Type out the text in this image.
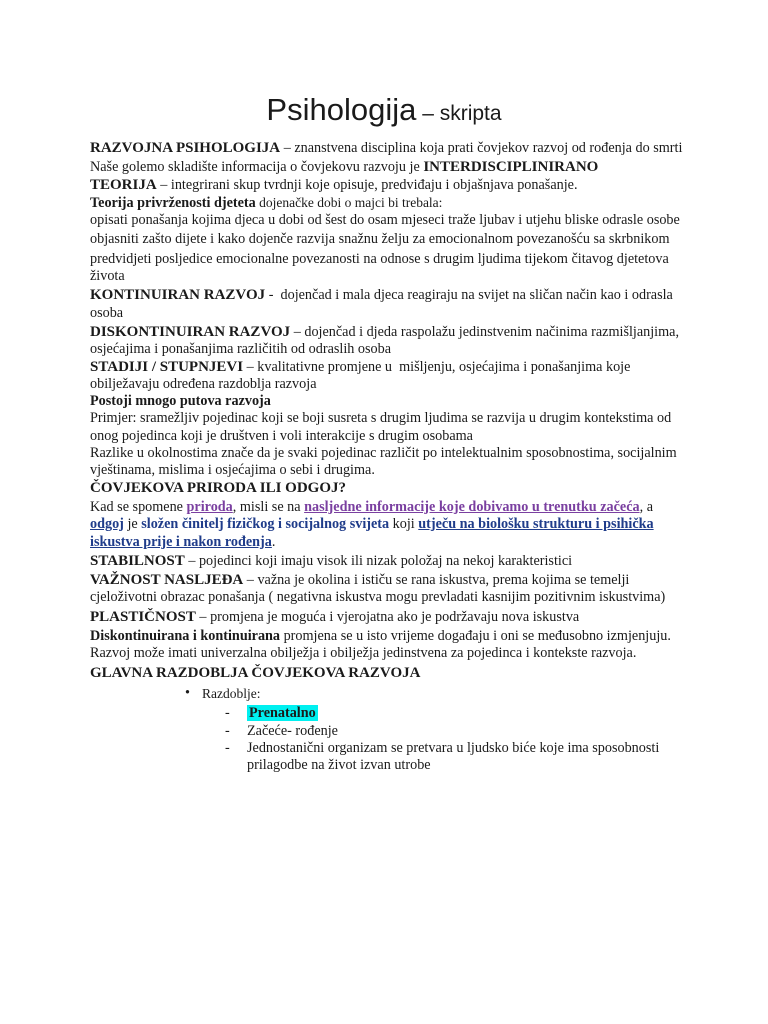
Psihologija – skripta

RAZVOJNA PSIHOLOGIJA – znanstvena disciplina koja prati čovjekov razvoj od rođenja do smrti

Naše golemo skladište informacija o čovjekovu razvoju je INTERDISCIPLINIRANO

TEORIJA – integrirani skup tvrdnji koje opisuje, predviđaju i objašnjava ponašanje.

Teorija privrženosti djeteta dojenačke dobi o majci bi trebala:

opisati ponašanja kojima djeca u dobi od šest do osam mjeseci traže ljubav i utjehu bliske odrasle osobe

objasniti zašto dijete i kako dojenče razvija snažnu želju za emocionalnom povezanošću sa skrbnikom

predvidjeti posljedice emocionalne povezanosti na odnose s drugim ljudima tijekom čitavog djetetova života

KONTINUIRAN RAZVOJ -  dojenčad i mala djeca reagiraju na svijet na sličan način kao i odrasla osoba

DISKONTINUIRAN RAZVOJ – dojenčad i djeda raspolažu jedinstvenim načinima razmišljanjima, osjećajima i ponašanjima različitih od odraslih osoba

STADIJI / STUPNJEVI – kvalitativne promjene u  mišljenju, osjećajima i ponašanjima koje obilježavaju određena razdoblja razvoja

Postoji mnogo putova razvoja

Primjer: sramežljiv pojedinac koji se boji susreta s drugim ljudima se razvija u drugim kontekstima od onog pojedinca koji je društven i voli interakcije s drugim osobama

Razlike u okolnostima znače da je svaki pojedinac različit po intelektualnim sposobnostima, socijalnim vještinama, mislima i osjećajima o sebi i drugima.

ČOVJEKOVA PRIRODA ILI ODGOJ?

Kad se spomene priroda, misli se na nasljedne informacije koje dobivamo u trenutku začeća, a odgoj je složen činitelj fizičkog i socijalnog svijeta koji utječu na biološku strukturu i psihička iskustva prije i nakon rođenja.

STABILNOST – pojedinci koji imaju visok ili nizak položaj na nekoj karakteristici

VAŽNOST NASLJEĐA – važna je okolina i ističu se rana iskustva, prema kojima se temelji cjeloživotni obrazac ponašanja ( negativna iskustva mogu prevladati kasnijim pozitivnim iskustvima)

PLASTIČNOST – promjena je moguća i vjerojatna ako je podržavaju nova iskustva

Diskontinuirana i kontinuirana promjena se u isto vrijeme događaju i oni se međusobno izmjenjuju. Razvoj može imati univerzalna obilježja i obilježja jedinstvena za pojedinca i kontekste razvoja.

GLAVNA RAZDOBLJA ČOVJEKOVA RAZVOJA

• Razdoblje:
- Prenatalno
- Začeće- rođenje
- Jednostanični organizam se pretvara u ljudsko biće koje ima sposobnosti prilagodbe na život izvan utrobe
